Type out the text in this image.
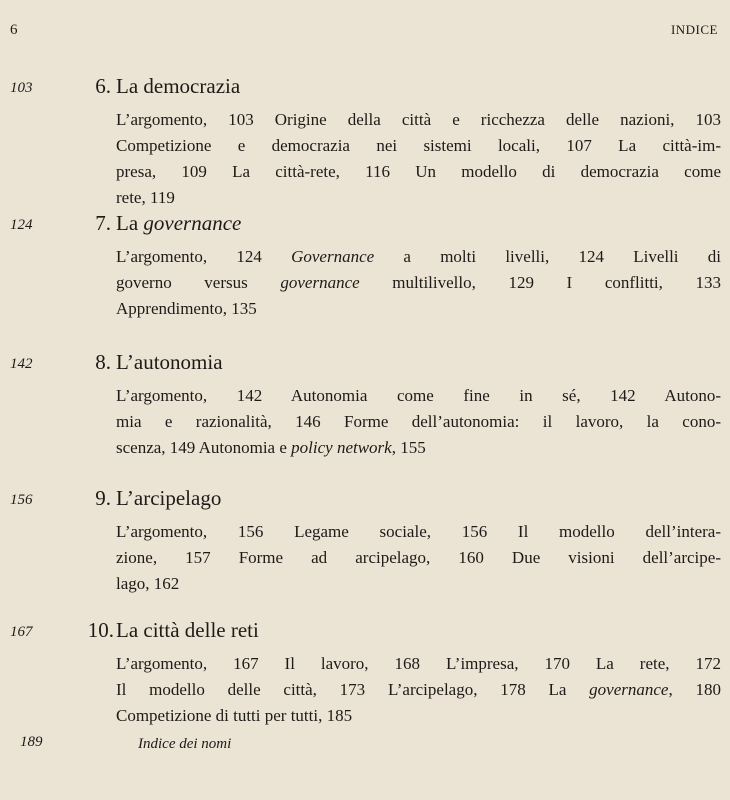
6	INDICE
103	6. La democrazia
L’argomento, 103 Origine della città e ricchezza delle nazioni, 103
Competizione e democrazia nei sistemi locali, 107 La città-im-
presa, 109 La città-rete, 116 Un modello di democrazia come
rete, 119
124	7. La governance
L’argomento, 124 Governance a molti livelli, 124 Livelli di
governo versus governance multilivello, 129 I conflitti, 133
Apprendimento, 135
142	8. L’autonomia
L’argomento, 142 Autonomia come fine in sé, 142 Autono-
mia e razionalità, 146 Forme dell’autonomia: il lavoro, la cono-
scenza, 149 Autonomia e policy network, 155
156	9. L’arcipelago
L’argomento, 156 Legame sociale, 156 Il modello dell’intera-
zione, 157 Forme ad arcipelago, 160 Due visioni dell’arcipe-
lago, 162
167	10. La città delle reti
L’argomento, 167 Il lavoro, 168 L’impresa, 170 La rete, 172
Il modello delle città, 173 L’arcipelago, 178 La governance, 180
Competizione di tutti per tutti, 185
189	Indice dei nomi
